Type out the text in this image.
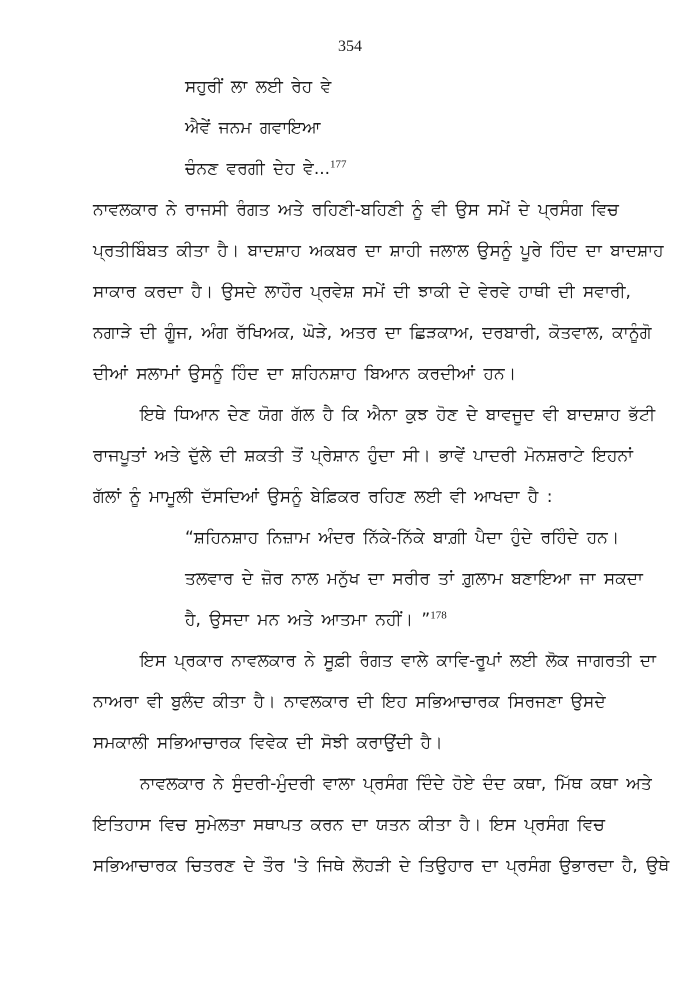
354
ਸਹੁਰੀਂ ਲਾ ਲਈ ਰੇਹ ਵੇ
ਐਵੇਂ ਜਨਮ ਗਵਾਇਆ
ਚੰਨਣ ਵਰਗੀ ਦੇਹ ਵੇ...$^{177}$
ਨਾਵਲਕਾਰ ਨੇ ਰਾਜਸੀ ਰੰਗਤ ਅਤੇ ਰਹਿਣੀ-ਬਹਿਣੀ ਨੂੰ ਵੀ ਉਸ ਸਮੇਂ ਦੇ ਪ੍ਰਸੰਗ ਵਿਚ
ਪ੍ਰਤੀਬਿੰਬਤ ਕੀਤਾ ਹੈ। ਬਾਦਸ਼ਾਹ ਅਕਬਰ ਦਾ ਸ਼ਾਹੀ ਜਲਾਲ ਉਸਨੂੰ ਪੂਰੇ ਹਿੰਦ ਦਾ ਬਾਦਸ਼ਾਹ
ਸਾਕਾਰ ਕਰਦਾ ਹੈ। ਉਸਦੇ ਲਾਹੌਰ ਪ੍ਰਵੇਸ਼ ਸਮੇਂ ਦੀ ਝਾਕੀ ਦੇ ਵੇਰਵੇ ਹਾਥੀ ਦੀ ਸਵਾਰੀ,
ਨਗਾੜੇ ਦੀ ਗੂੰਜ, ਅੰਗ ਰੱਖਿਅਕ, ਘੋੜੇ, ਅਤਰ ਦਾ ਛਿੜਕਾਅ, ਦਰਬਾਰੀ, ਕੋਤਵਾਲ, ਕਾਨੂੰਗੋ
ਦੀਆਂ ਸਲਾਮਾਂ ਉਸਨੂੰ ਹਿੰਦ ਦਾ ਸ਼ਹਿਨਸ਼ਾਹ ਬਿਆਨ ਕਰਦੀਆਂ ਹਨ।
ਇਥੇ ਧਿਆਨ ਦੇਣ ਯੋਗ ਗੱਲ ਹੈ ਕਿ ਐਨਾ ਕੁਝ ਹੋਣ ਦੇ ਬਾਵਜੂਦ ਵੀ ਬਾਦਸ਼ਾਹ ਭੱਟੀ
ਰਾਜਪੂਤਾਂ ਅਤੇ ਦੁੱਲੇ ਦੀ ਸ਼ਕਤੀ ਤੋਂ ਪ੍ਰੇਸ਼ਾਨ ਹੁੰਦਾ ਸੀ। ਭਾਵੇਂ ਪਾਦਰੀ ਮੋਨਸ਼ਰਾਟੇ ਇਹਨਾਂ
ਗੱਲਾਂ ਨੂੰ ਮਾਮੂਲੀ ਦੱਸਦਿਆਂ ਉਸਨੂੰ ਬੇਫ਼ਿਕਰ ਰਹਿਣ ਲਈ ਵੀ ਆਖਦਾ ਹੈ :
“ਸ਼ਹਿਨਸ਼ਾਹ ਨਿਜ਼ਾਮ ਅੰਦਰ ਨਿੱਕੇ-ਨਿੱਕੇ ਬਾਗ਼ੀ ਪੈਦਾ ਹੁੰਦੇ ਰਹਿੰਦੇ ਹਨ।
ਤਲਵਾਰ ਦੇ ਜ਼ੋਰ ਨਾਲ ਮਨੁੱਖ ਦਾ ਸਰੀਰ ਤਾਂ ਗ਼ੁਲਾਮ ਬਣਾਇਆ ਜਾ ਸਕਦਾ
ਹੈ, ਉਸਦਾ ਮਨ ਅਤੇ ਆਤਮਾ ਨਹੀਂ। ”$^{178}$
ਇਸ ਪ੍ਰਕਾਰ ਨਾਵਲਕਾਰ ਨੇ ਸੂਫ਼ੀ ਰੰਗਤ ਵਾਲੇ ਕਾਵਿ-ਰੂਪਾਂ ਲਈ ਲੋਕ ਜਾਗਰਤੀ ਦਾ
ਨਾਅਰਾ ਵੀ ਬੁਲੰਦ ਕੀਤਾ ਹੈ। ਨਾਵਲਕਾਰ ਦੀ ਇਹ ਸਭਿਆਚਾਰਕ ਸਿਰਜਣਾ ਉਸਦੇ
ਸਮਕਾਲੀ ਸਭਿਆਚਾਰਕ ਵਿਵੇਕ ਦੀ ਸੋਝੀ ਕਰਾਉਂਦੀ ਹੈ।
ਨਾਵਲਕਾਰ ਨੇ ਸੁੰਦਰੀ-ਮੁੰਦਰੀ ਵਾਲਾ ਪ੍ਰਸੰਗ ਦਿੰਦੇ ਹੋਏ ਦੰਦ ਕਥਾ, ਮਿੱਥ ਕਥਾ ਅਤੇ
ਇਤਿਹਾਸ ਵਿਚ ਸੁਮੇਲਤਾ ਸਥਾਪਤ ਕਰਨ ਦਾ ਯਤਨ ਕੀਤਾ ਹੈ। ਇਸ ਪ੍ਰਸੰਗ ਵਿਚ
ਸਭਿਆਚਾਰਕ ਚਿਤਰਣ ਦੇ ਤੌਰ 'ਤੇ ਜਿਥੇ ਲੋਹੜੀ ਦੇ ਤਿਉਹਾਰ ਦਾ ਪ੍ਰਸੰਗ ਉਭਾਰਦਾ ਹੈ, ਉਥੇ
